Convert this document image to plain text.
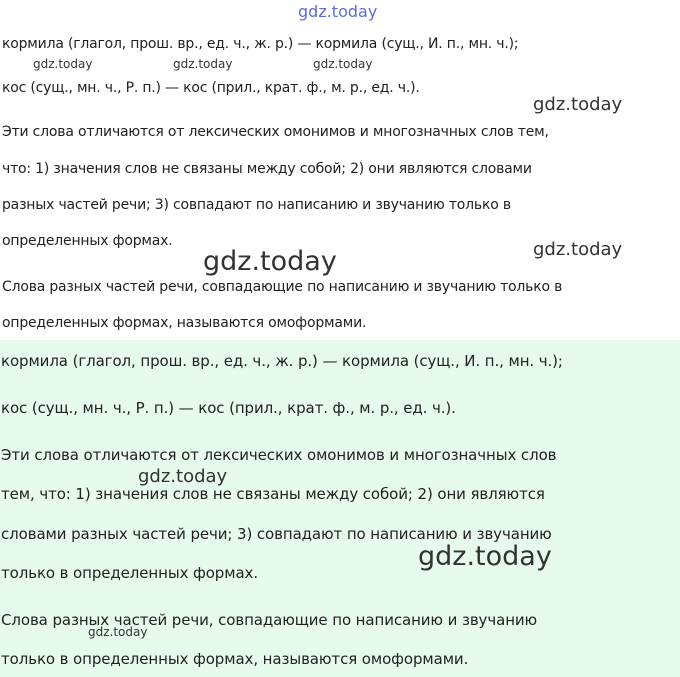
gdz.today
кормила (глагол, прош. вр., ед. ч., ж. р.) — кормила (сущ., И. п., мн. ч.);
кос (сущ., мн. ч., Р. п.) — кос (прил., крат. ф., м. р., ед. ч.).
Эти слова отличаются от лексических омонимов и многозначных слов тем,
что: 1) значения слов не связаны между собой; 2) они являются словами
разных частей речи; 3) совпадают по написанию и звучанию только в
определенных формах.
Слова разных частей речи, совпадающие по написанию и звучанию только в
определенных формах, называются омоформами.
кормила (глагол, прош. вр., ед. ч., ж. р.) — кормила (сущ., И. п., мн. ч.);
кос (сущ., мн. ч., Р. п.) — кос (прил., крат. ф., м. р., ед. ч.).
Эти слова отличаются от лексических омонимов и многозначных слов
тем, что: 1) значения слов не связаны между собой; 2) они являются
словами разных частей речи; 3) совпадают по написанию и звучанию
только в определенных формах.
Слова разных частей речи, совпадающие по написанию и звучанию
только в определенных формах, называются омоформами.
gdz.today	gdz.today	gdz.today
gdz.today
gdz.today
gdz.today
gdz.today
gdz.today
gdz.today
